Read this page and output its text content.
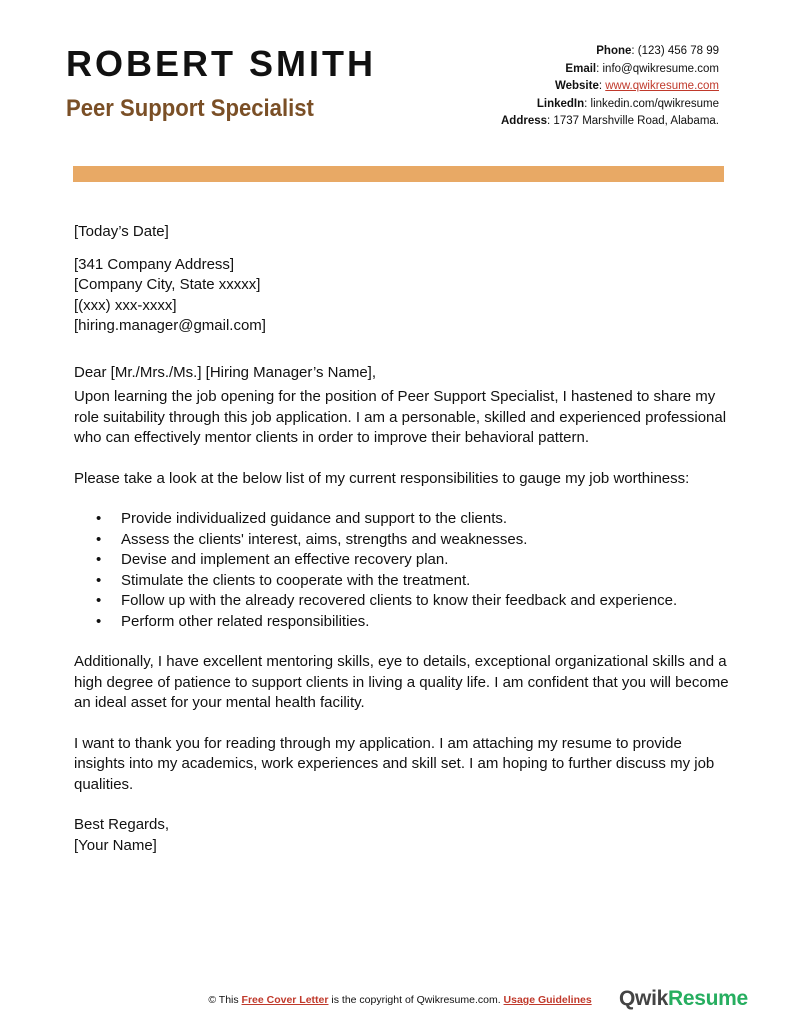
ROBERT SMITH
Peer Support Specialist
Phone: (123) 456 78 99
Email: info@qwikresume.com
Website: www.qwikresume.com
LinkedIn: linkedin.com/qwikresume
Address: 1737 Marshville Road, Alabama.

[Today’s Date]

[341 Company Address]

[Company City, State xxxxx]

[(xxx) xxx-xxxx]

[hiring.manager@gmail.com]

Dear [Mr./Mrs./Ms.] [Hiring Manager’s Name],

Upon learning the job opening for the position of Peer Support Specialist, I hastened to share my role suitability through this job application. I am a personable, skilled and experienced professional who can effectively mentor clients in order to improve their behavioral pattern.

Please take a look at the below list of my current responsibilities to gauge my job worthiness:

• Provide individualized guidance and support to the clients.
• Assess the clients' interest, aims, strengths and weaknesses.
• Devise and implement an effective recovery plan.
• Stimulate the clients to cooperate with the treatment.
• Follow up with the already recovered clients to know their feedback and experience.
• Perform other related responsibilities.

Additionally, I have excellent mentoring skills, eye to details, exceptional organizational skills and a high degree of patience to support clients in living a quality life. I am confident that you will become an ideal asset for your mental health facility.

I want to thank you for reading through my application. I am attaching my resume to provide insights into my academics, work experiences and skill set. I am hoping to further discuss my job qualities.

Best Regards,

[Your Name]

© This Free Cover Letter is the copyright of Qwikresume.com. Usage Guidelines	QwikResume
